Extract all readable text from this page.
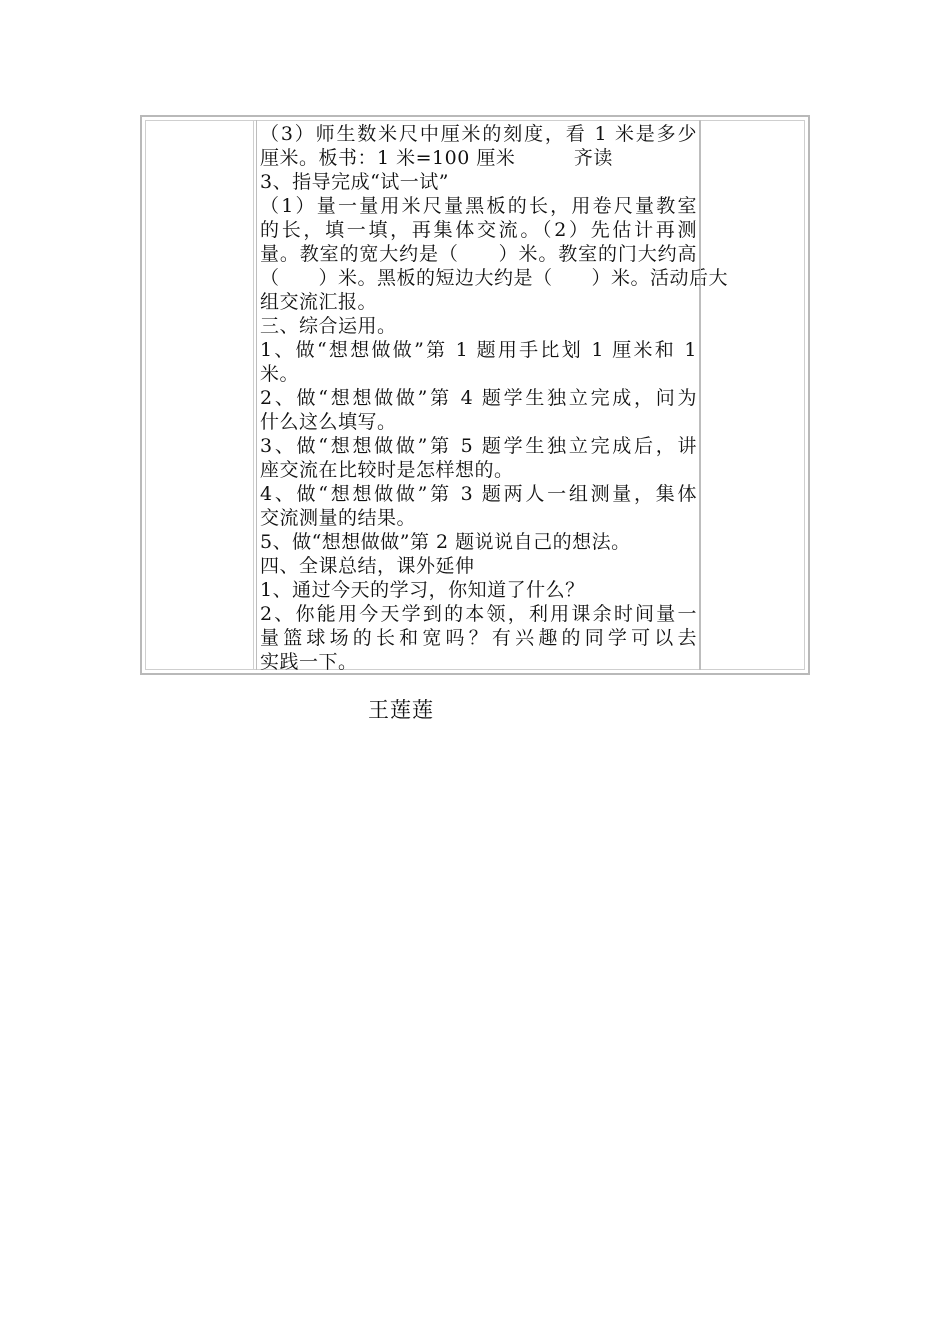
（3）师生数米尺中厘米的刻度，看 1 米是多少
厘米。板书：1 米=100 厘米　　　齐读
3、指导完成“试一试”
（1）量一量用米尺量黑板的长，用卷尺量教室
的长，填一填，再集体交流。（2）先估计再测
量。教室的宽大约是（　　）米。教室的门大约高
（　　）米。黑板的短边大约是（　　）米。活动后大
组交流汇报。
三、综合运用。
1、做“想想做做”第 1 题用手比划 1 厘米和 1
米。
2、做“想想做做”第 4 题学生独立完成，问为
什么这么填写。
3、做“想想做做”第 5 题学生独立完成后，讲
座交流在比较时是怎样想的。
4、做“想想做做”第 3 题两人一组测量，集体
交流测量的结果。
5、做“想想做做”第 2 题说说自己的想法。
四、全课总结，课外延伸
1、通过今天的学习，你知道了什么？
2、你能用今天学到的本领，利用课余时间量一
量篮球场的长和宽吗？有兴趣的同学可以去
实践一下。
王莲莲
